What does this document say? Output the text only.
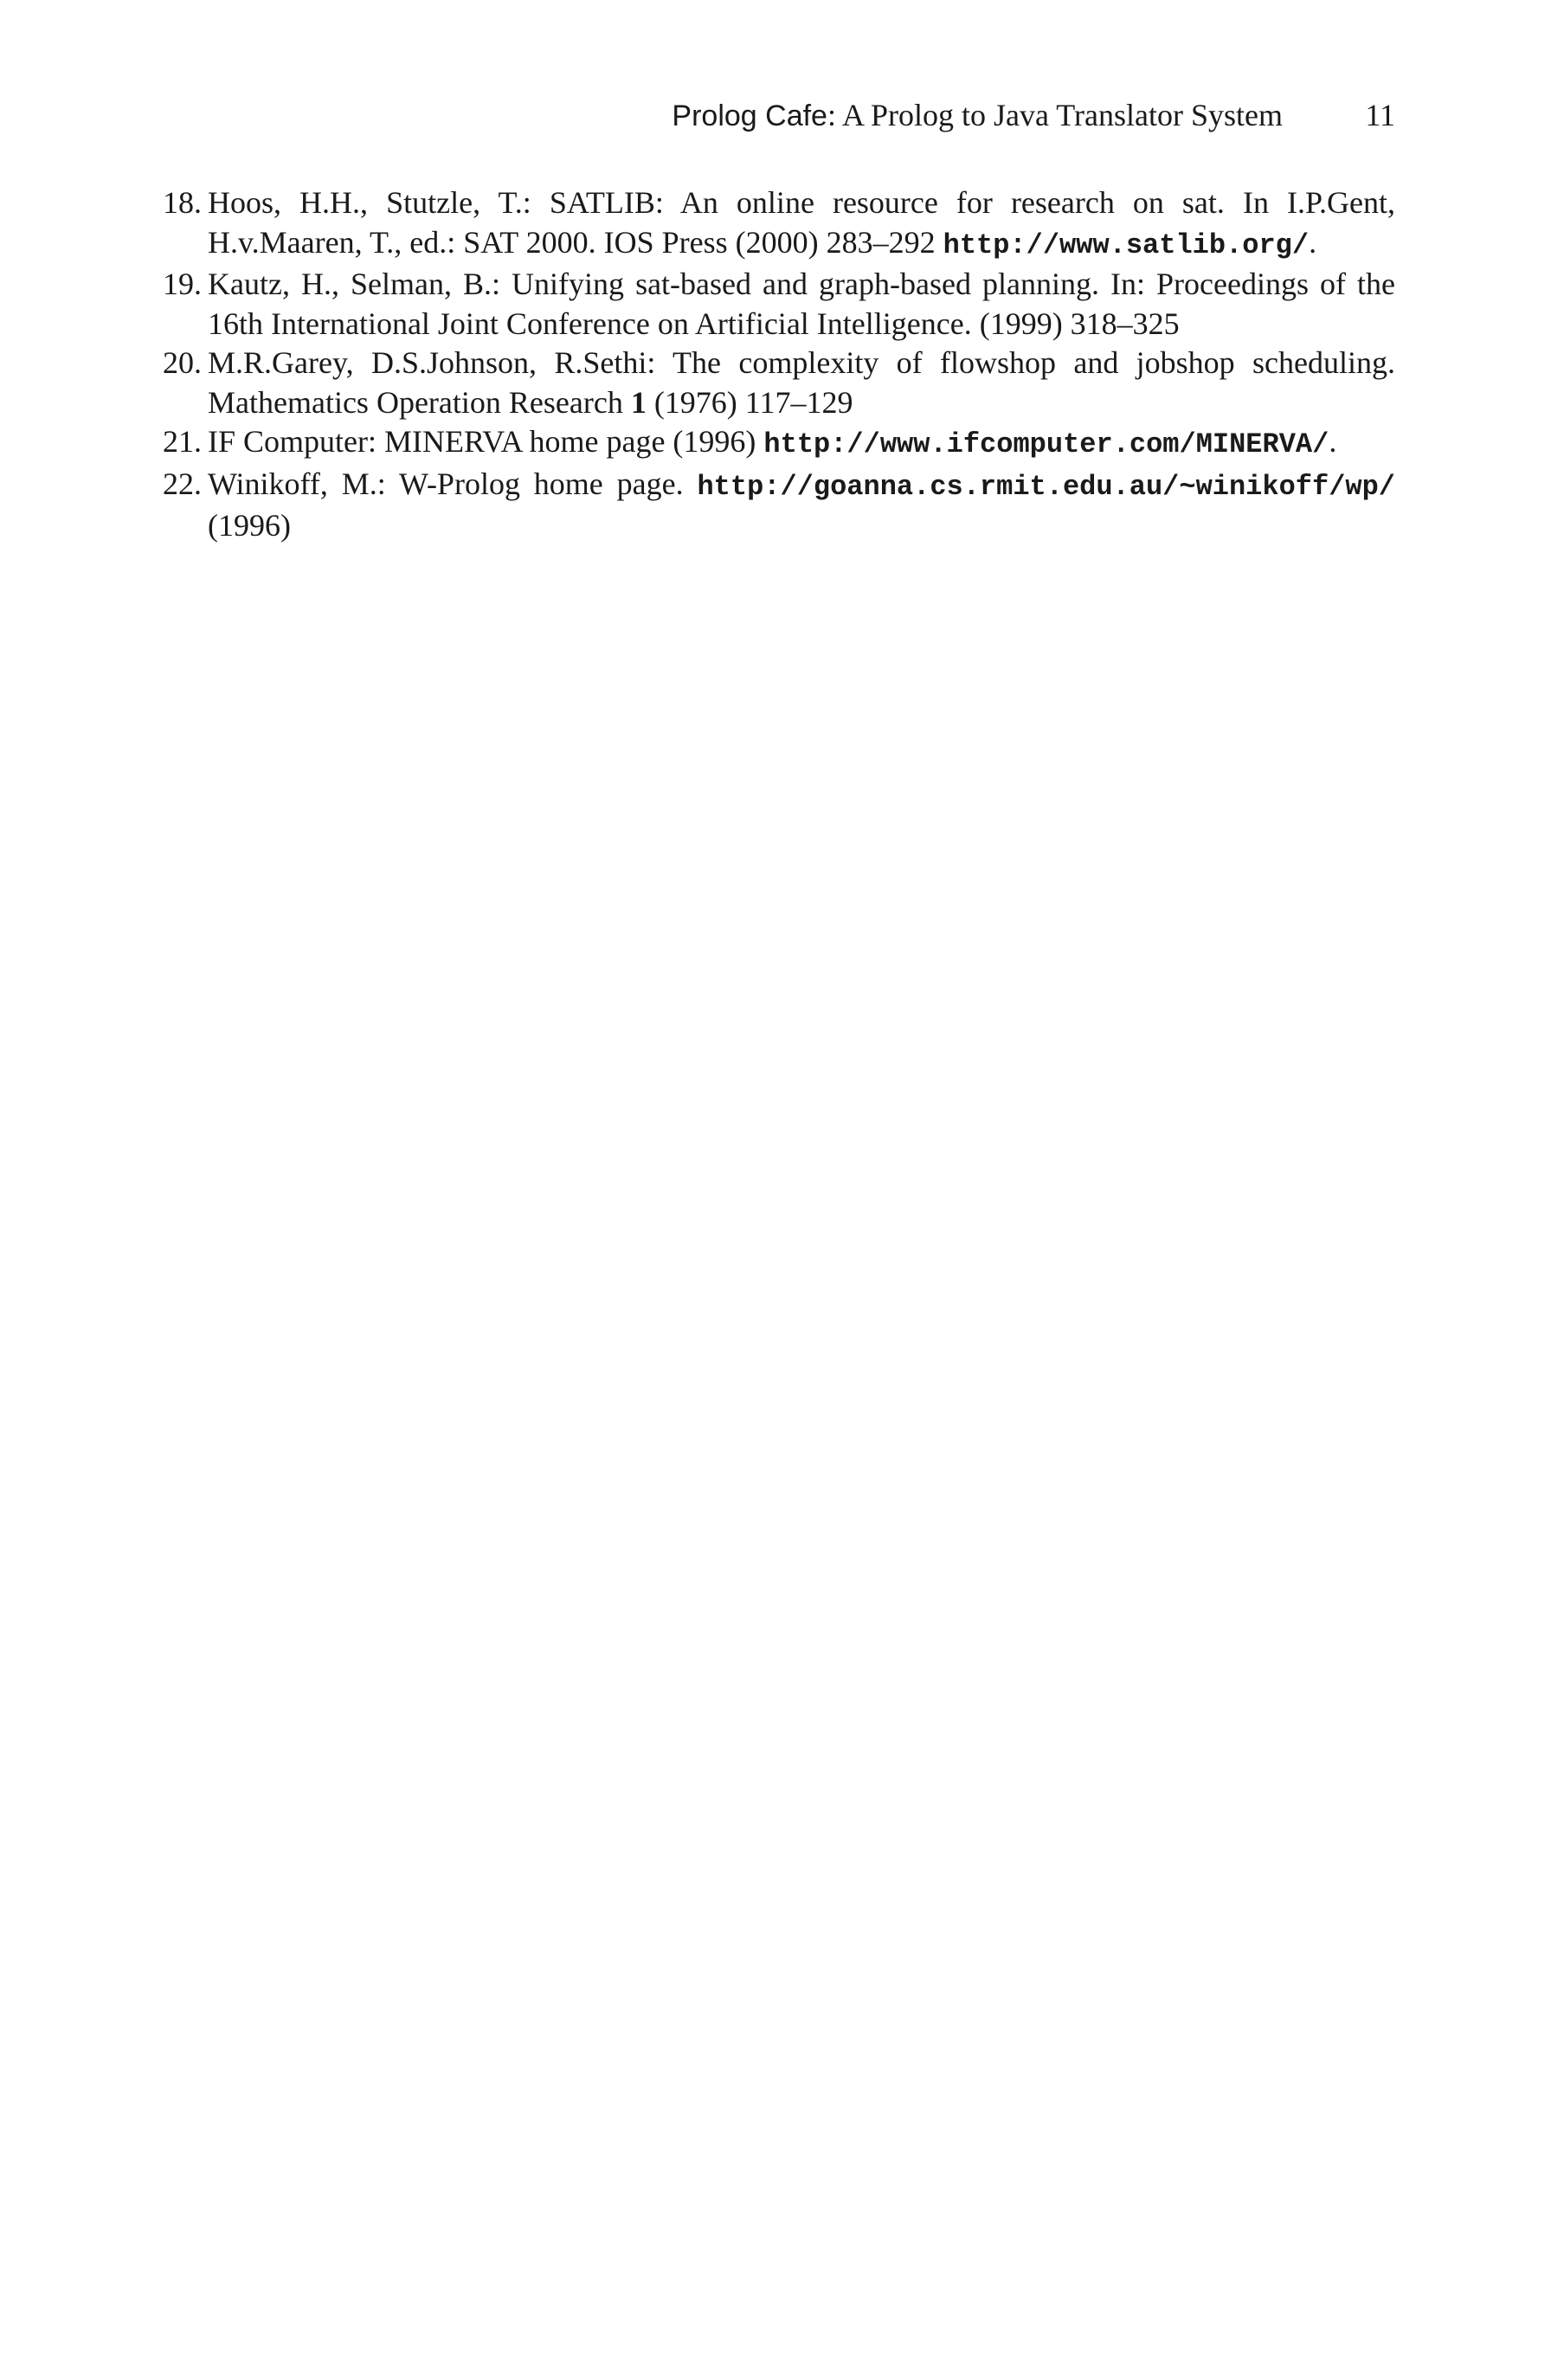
Prolog Cafe: A Prolog to Java Translator System	11
18. Hoos, H.H., Stutzle, T.: SATLIB: An online resource for research on sat. In I.P.Gent, H.v.Maaren, T., ed.: SAT 2000. IOS Press (2000) 283–292 http://www.satlib.org/.
19. Kautz, H., Selman, B.: Unifying sat-based and graph-based planning. In: Proceedings of the 16th International Joint Conference on Artificial Intelligence. (1999) 318–325
20. M.R.Garey, D.S.Johnson, R.Sethi: The complexity of flowshop and jobshop scheduling. Mathematics Operation Research 1 (1976) 117–129
21. IF Computer: MINERVA home page (1996) http://www.ifcomputer.com/MINERVA/.
22. Winikoff, M.: W-Prolog home page. http://goanna.cs.rmit.edu.au/~winikoff/wp/ (1996)
